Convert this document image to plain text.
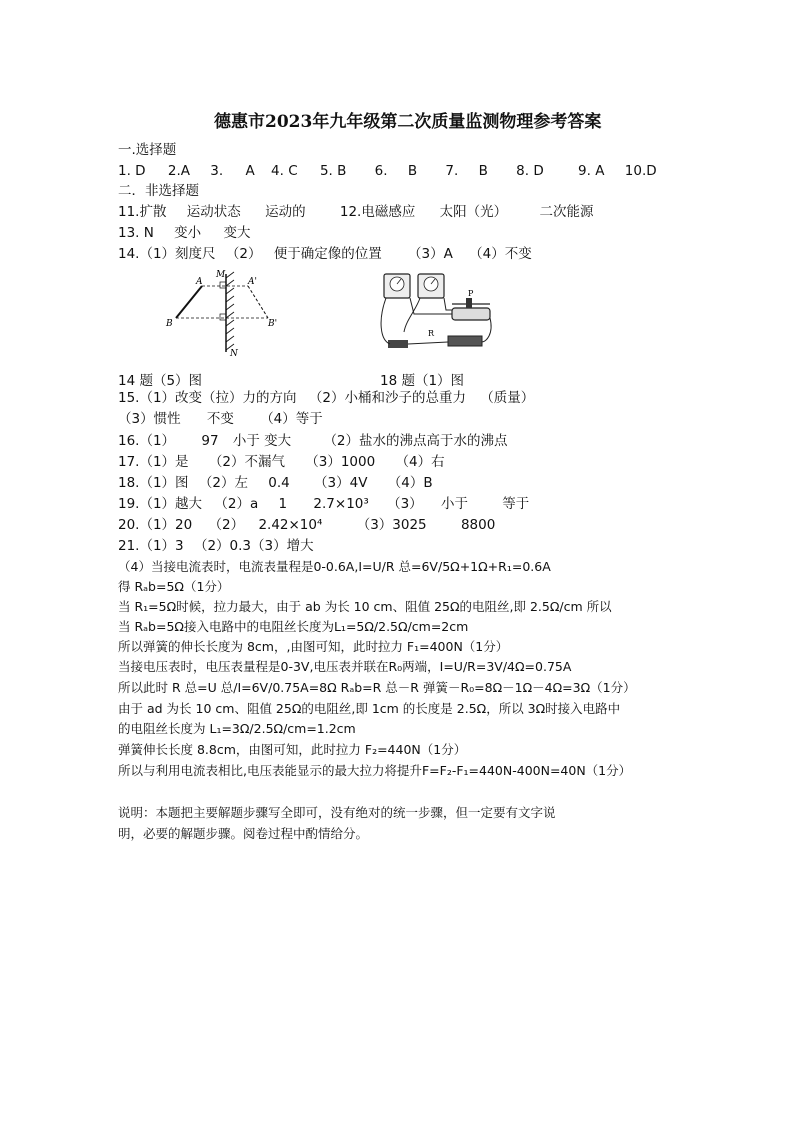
德惠市2023年九年级第二次质量监测物理参考答案
一.选择题
1. D 2.A 3. A 4. C 5. B 6. B 7. B 8. D	9. A 10.D
二．非选择题
11.扩散 运动状态 运动的	12.电磁感应 太阳（光） 二次能源
13. N 变小 变大
14.（1）刻度尺 （2） 便于确定像的位置 （3）A （4）不变
M
N
A	A'
B	B'
P
R
14 题（5）图	18 题（1）图
15.（1）改变（拉）力的方向 （2）小桶和沙子的总重力 （质量）
（3）惯性 不变 （4）等于
16.（1） 97 小于 变大 （2）盐水的沸点高于水的沸点
17.（1）是 （2）不漏气 （3）1000 （4）右
18.（1）图 （2）左 0.4 （3）4V （4）B
19.（1）越大 （2）a 1 2.7×10³ （3） 小于	等于
20.（1）20 （2） 2.42×10⁴	（3）3025	8800
21.（1）3 （2）0.3（3）增大
（4）当接电流表时，电流表量程是0-0.6A,I=U/R 总=6V/5Ω+1Ω+R₁=0.6A
得 Rₐb=5Ω（1分）
当 R₁=5Ω时候，拉力最大，由于 ab 为长 10 cm、阻值 25Ω的电阻丝,即 2.5Ω/cm 所以
当 Rₐb=5Ω接入电路中的电阻丝长度为L₁=5Ω/2.5Ω/cm=2cm
所以弹簧的伸长长度为 8cm，,由图可知，此时拉力 F₁=400N（1分）
当接电压表时，电压表量程是0-3V,电压表并联在R₀两端，I=U/R=3V/4Ω=0.75A
所以此时 R 总=U 总/I=6V/0.75A=8Ω Rₐb=R 总－R 弹簧－R₀=8Ω－1Ω－4Ω=3Ω（1分）
由于 ad 为长 10 cm、阻值 25Ω的电阻丝,即 1cm 的长度是 2.5Ω，所以 3Ω时接入电路中
的电阻丝长度为 L₁=3Ω/2.5Ω/cm=1.2cm
弹簧伸长长度 8.8cm，由图可知，此时拉力 F₂=440N（1分）
所以与利用电流表相比,电压表能显示的最大拉力将提升F=F₂-F₁=440N-400N=40N（1分）
说明：本题把主要解题步骤写全即可，没有绝对的统一步骤，但一定要有文字说
明，必要的解题步骤。阅卷过程中酌情给分。
